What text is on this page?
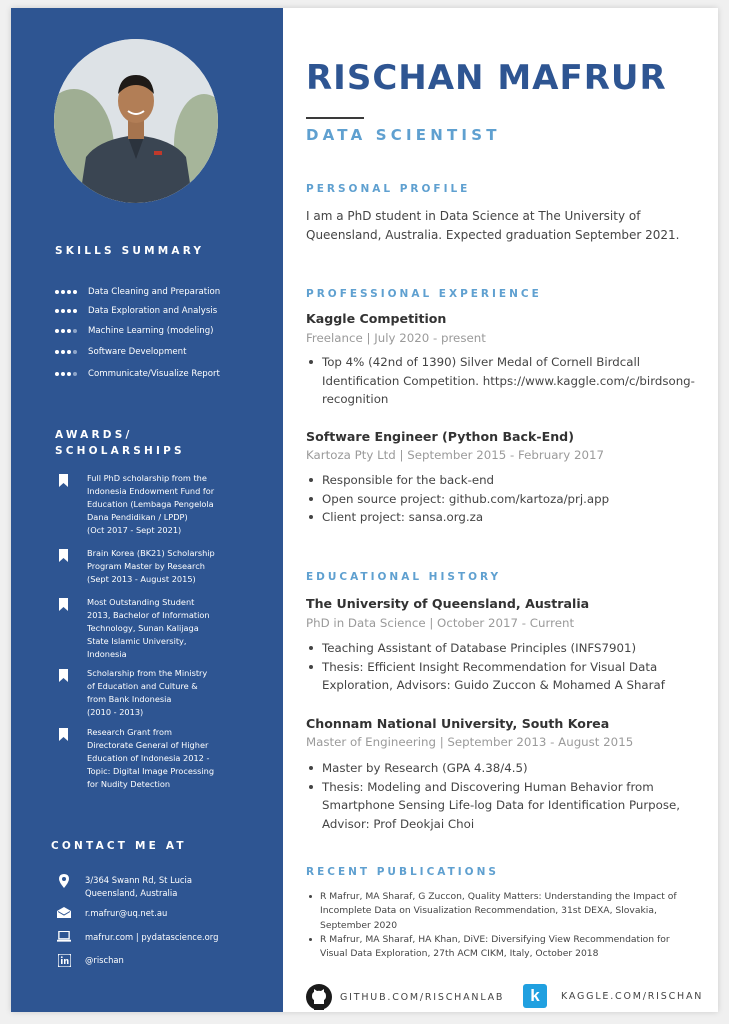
SKILLS SUMMARY
Data Cleaning and Preparation
Data Exploration and Analysis
Machine Learning (modeling)
Software Development
Communicate/Visualize Report
AWARDS/
SCHOLARSHIPS
Full PhD scholarship from the
Indonesia Endowment Fund for
Education (Lembaga Pengelola
Dana Pendidikan / LPDP)
(Oct 2017 - Sept 2021)
Brain Korea (BK21) Scholarship
Program Master by Research
(Sept 2013 - August 2015)
Most Outstanding Student
2013, Bachelor of Information
Technology, Sunan Kalijaga
State Islamic University,
Indonesia
Scholarship from the Ministry
of Education and Culture &
from Bank Indonesia
(2010 - 2013)
Research Grant from
Directorate General of Higher
Education of Indonesia 2012 -
Topic: Digital Image Processing
for Nudity Detection
CONTACT ME AT
3/364 Swann Rd, St Lucia
Queensland, Australia
r.mafrur@uq.net.au
mafrur.com | pydatascience.org
@rischan
RISCHAN MAFRUR
DATA SCIENTIST
PERSONAL PROFILE
I am a PhD student in Data Science at The University of Queensland, Australia. Expected graduation September 2021.
PROFESSIONAL EXPERIENCE
Kaggle Competition
Freelance | July 2020 - present
Top 4% (42nd of 1390) Silver Medal of Cornell Birdcall Identification Competition. https://www.kaggle.com/c/birdsong-recognition
Software Engineer (Python Back-End)
Kartoza Pty Ltd | September 2015 - February 2017
Responsible for the back-end
Open source project: github.com/kartoza/prj.app
Client project: sansa.org.za
EDUCATIONAL HISTORY
The University of Queensland, Australia
PhD in Data Science | October 2017 - Current
Teaching Assistant of Database Principles (INFS7901)
Thesis: Efficient Insight Recommendation for Visual Data Exploration, Advisors: Guido Zuccon & Mohamed A Sharaf
Chonnam National University, South Korea
Master of Engineering | September 2013 - August 2015
Master by Research (GPA 4.38/4.5)
Thesis: Modeling and Discovering Human Behavior from Smartphone Sensing Life-log Data for Identification Purpose, Advisor: Prof Deokjai Choi
RECENT PUBLICATIONS
R Mafrur, MA Sharaf, G Zuccon, Quality Matters: Understanding the Impact of Incomplete Data on Visualization Recommendation, 31st DEXA, Slovakia, September 2020
R Mafrur, MA Sharaf, HA Khan, DiVE: Diversifying View Recommendation for Visual Data Exploration, 27th ACM CIKM, Italy, October 2018
GITHUB.COM/RISCHANLAB	k	KAGGLE.COM/RISCHAN
